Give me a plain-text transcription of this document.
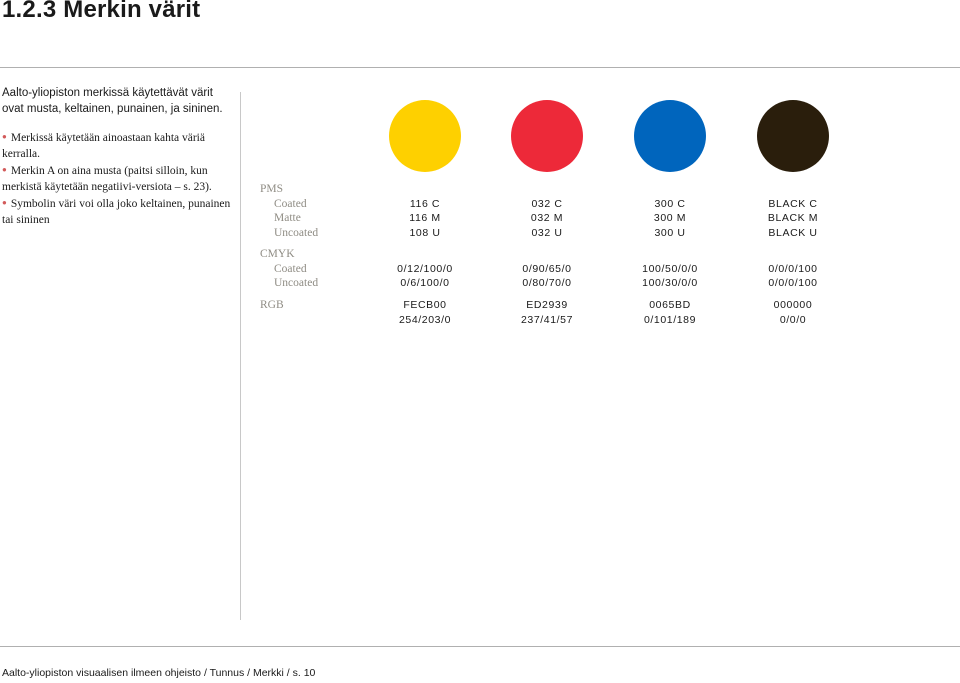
1.2.3 Merkin värit

Aalto-yliopiston merkissä käytettävät värit ovat musta, keltainen, punainen, ja sininen.

● Merkissä käytetään ainoastaan kahta väriä kerralla.
● Merkin A on aina musta (paitsi silloin, kun merkistä käytetään negatiivi-versiota – s. 23).
● Symbolin väri voi olla joko keltainen, punainen tai sininen
PMS
Coated
Matte
Uncoated
CMYK
Coated
Uncoated
RGB
116 C
116 M
108 U
0/12/100/0
0/6/100/0
FECB00
254/203/0
032 C
032 M
032 U
0/90/65/0
0/80/70/0
ED2939
237/41/57
300 C
300 M
300 U
100/50/0/0
100/30/0/0
0065BD
0/101/189
BLACK C
BLACK M
BLACK U
0/0/0/100
0/0/0/100
000000
0/0/0

Aalto-yliopiston visuaalisen ilmeen ohjeisto / Tunnus / Merkki / s. 10
